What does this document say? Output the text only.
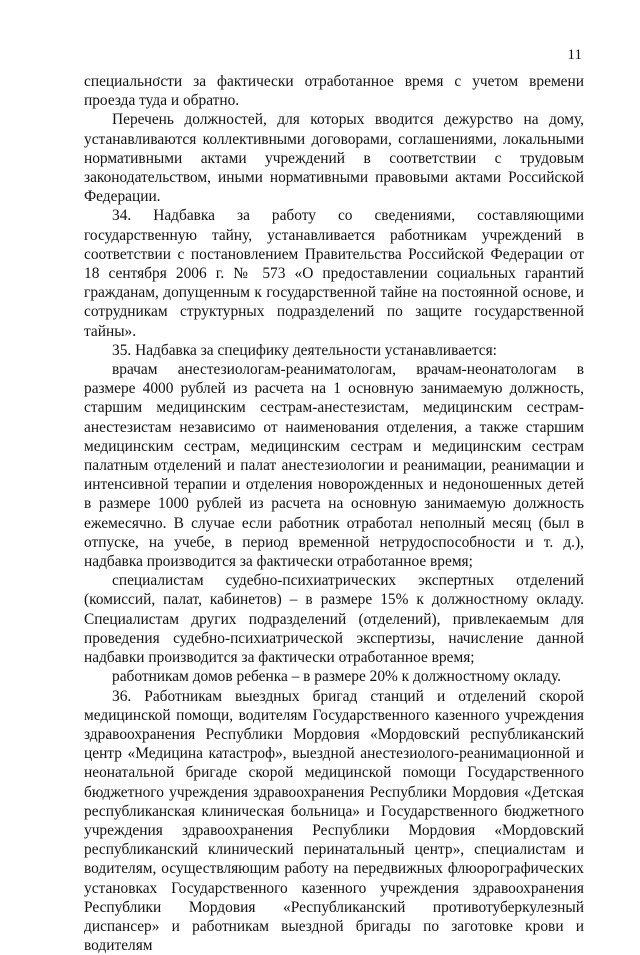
11

специальности за фактически отработанное время с учетом времени проезда туда и обратно.

Перечень должностей, для которых вводится дежурство на дому, устанавливаются коллективными договорами, соглашениями, локальными нормативными актами учреждений в соответствии с трудовым законодательством, иными нормативными правовыми актами Российской Федерации.

34. Надбавка за работу со сведениями, составляющими государственную тайну, устанавливается работникам учреждений в соответствии с постановлением Правительства Российской Федерации от 18 сентября 2006 г. № 573 «О предоставлении социальных гарантий гражданам, допущенным к государственной тайне на постоянной основе, и сотрудникам структурных подразделений по защите государственной тайны».

35. Надбавка за специфику деятельности устанавливается:

врачам анестезиологам-реаниматологам, врачам-неонатологам в размере 4000 рублей из расчета на 1 основную занимаемую должность, старшим медицинским сестрам-анестезистам, медицинским сестрам-анестезистам независимо от наименования отделения, а также старшим медицинским сестрам, медицинским сестрам и медицинским сестрам палатным отделений и палат анестезиологии и реанимации, реанимации и интенсивной терапии и отделения новорожденных и недоношенных детей в размере 1000 рублей из расчета на основную занимаемую должность ежемесячно. В случае если работник отработал неполный месяц (был в отпуске, на учебе, в период временной нетрудоспособности и т. д.), надбавка производится за фактически отработанное время;

специалистам судебно-психиатрических экспертных отделений (комиссий, палат, кабинетов) – в размере 15% к должностному окладу. Специалистам других подразделений (отделений), привлекаемым для проведения судебно-психиатрической экспертизы, начисление данной надбавки производится за фактически отработанное время;

работникам домов ребенка – в размере 20% к должностному окладу.

36. Работникам выездных бригад станций и отделений скорой медицинской помощи, водителям Государственного казенного учреждения здравоохранения Республики Мордовия «Мордовский республиканский центр «Медицина катастроф», выездной анестезиолого-реанимационной и неонатальной бригаде скорой медицинской помощи Государственного бюджетного учреждения здравоохранения Республики Мордовия «Детская республиканская клиническая больница» и Государственного бюджетного учреждения здравоохранения Республики Мордовия «Мордовский республиканский клинический перинатальный центр», специалистам и водителям, осуществляющим работу на передвижных флюорографических установках Государственного казенного учреждения здравоохранения Республики Мордовия «Республиканский противотуберкулезный диспансер» и работникам выездной бригады по заготовке крови и водителям
